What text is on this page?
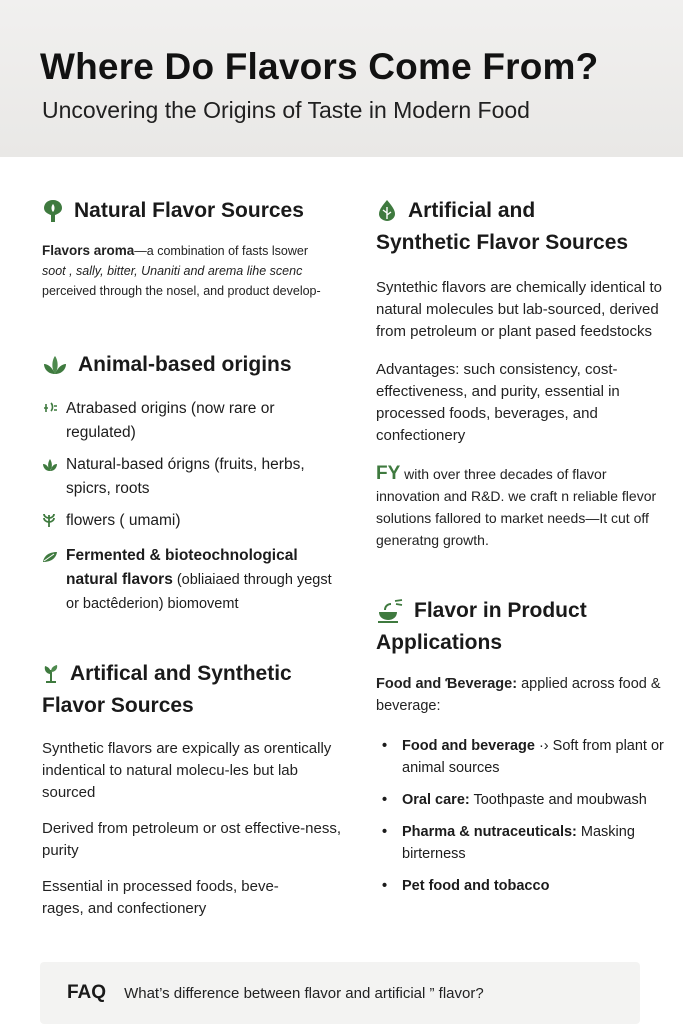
Where Do Flavors Come From?
Uncovering the Origins of Taste in Modern Food
Natural Flavor Sources

Flavors aroma—a combination of fasts lsower

soot , sally, bitter, Unaniti and arema lihe scenc

perceived through the nosel, and product develop-

Animal-based origins
Atrabased origins (now rare or regulated)
Natural-based órigns (fruits, herbs, spicrs, roots
flowers ( umami)
Fermented & bioteochnological natural flavors (obliaiaed through yegst or bactêderion) biomovemt
Artifical and Synthetic
Flavor Sources

Synthetic flavors are expically as orentically indentical to natural molecu-les but lab sourced

Derived from petroleum or ost effective-ness, purity

Essential in processed foods, beve-rages, and confectionery

Artificial and
Synthetic Flavor Sources

Syntethic flavors are chemically identical to natural molecules but lab-sourced, derived from petroleum or plant pased feedstocks

Advantages: such consistency, cost-effectiveness, and purity, essential in processed foods, beverages, and confectionery

FY with over three decades of flavor innovation and R&D. we craft n reliable flevor solutions fallored to market needs—It cut off generatng growth.

Flavor in Product
Applications

Food and Ɓeverage: applied across food & beverage:

• Food and beverage ·› Soft from plant or animal sources
• Oral care: Toothpaste and moubwash
• Pharma & nutraceuticals: Masking birterness
• Pet food and tobacco
FAQ What’s difference between flavor and artificial ” flavor?
